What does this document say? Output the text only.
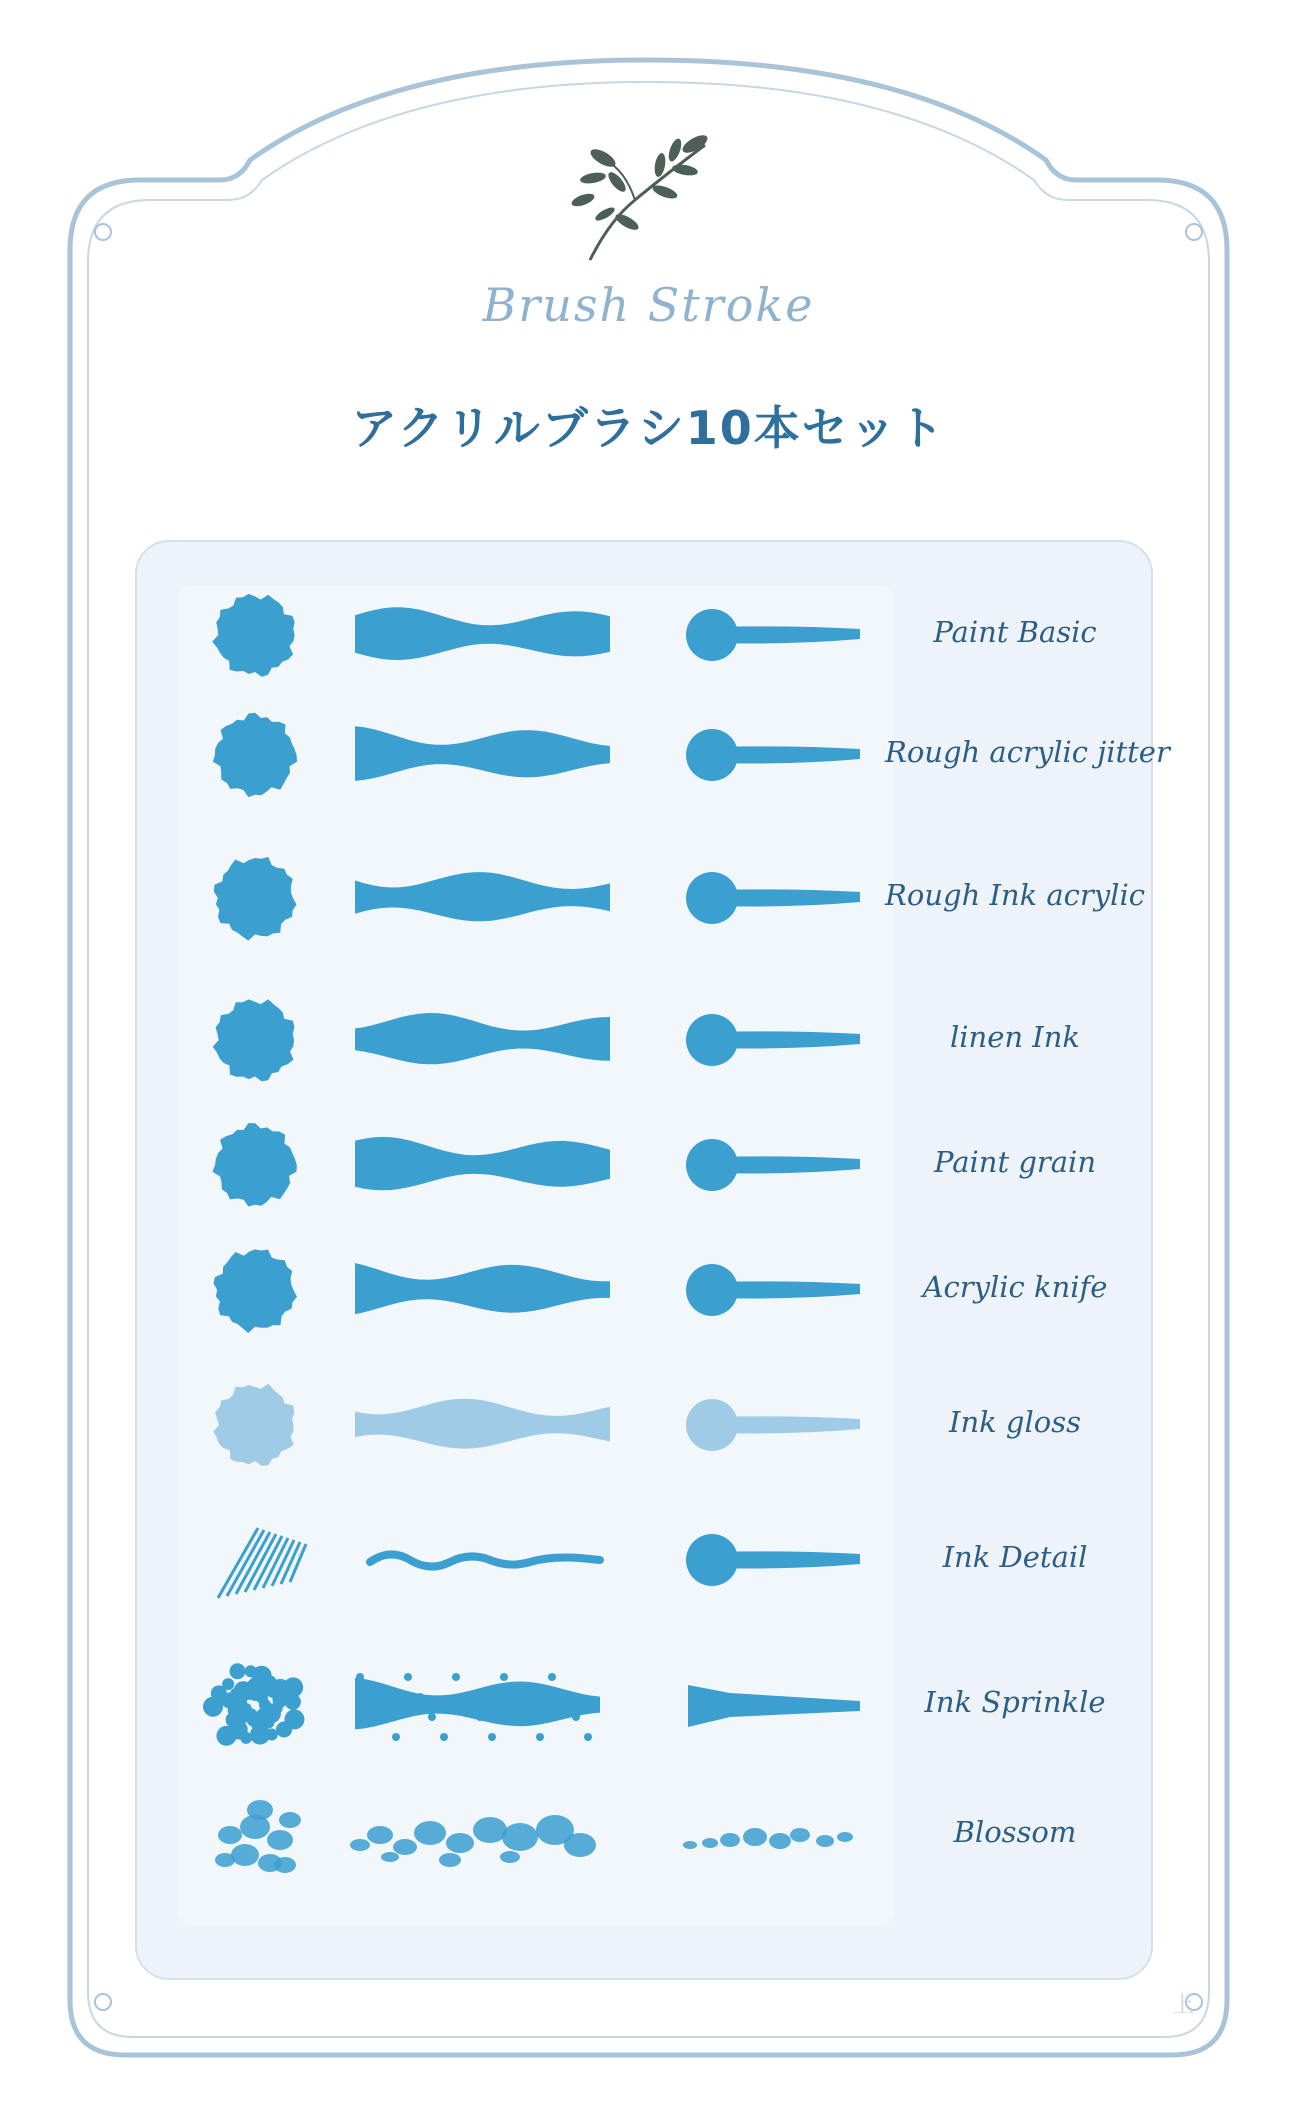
Brush Stroke
アクリルブラシ10本セット
Paint Basic
Rough acrylic jitter
Rough Ink acrylic
linen Ink
Paint grain
Acrylic knife
Ink gloss
Ink Detail
Ink Sprinkle
Blossom
上
